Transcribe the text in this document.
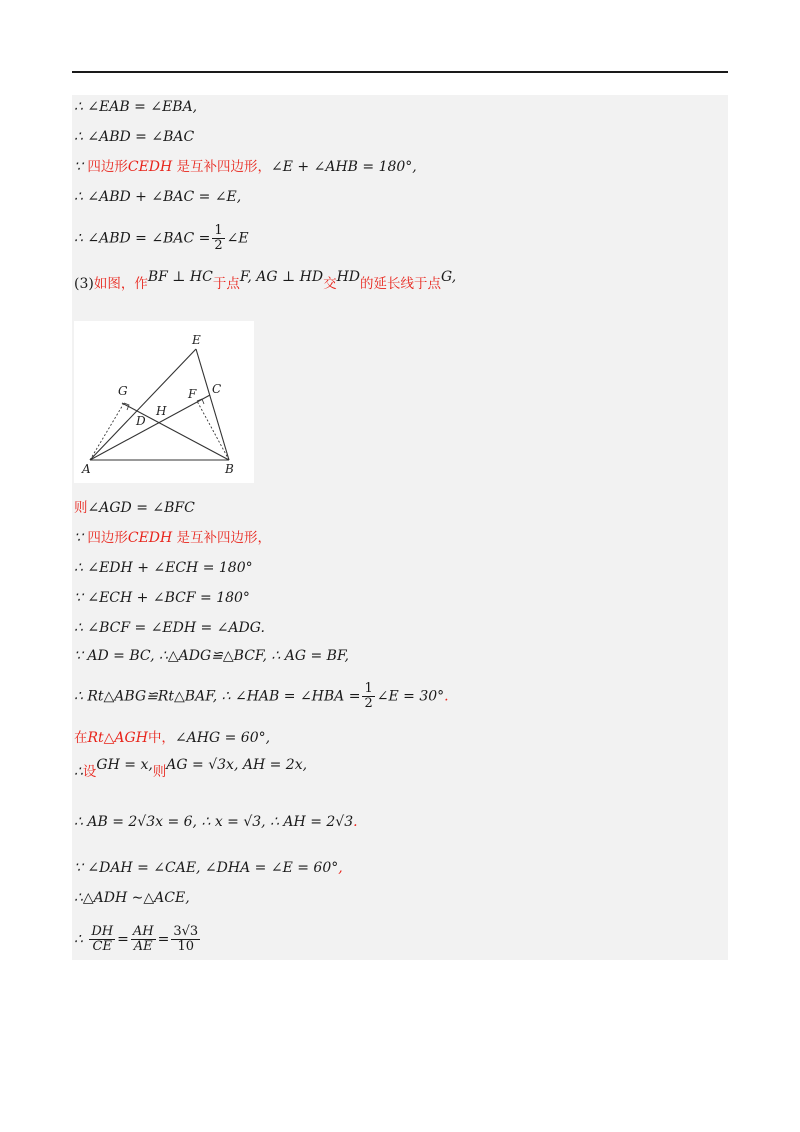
∴ ∠EAB = ∠EBA,
∴ ∠ABD = ∠BAC
∵ 四边形CEDH 是互补四边形，∠E + ∠AHB = 180°,
∴ ∠ABD + ∠BAC = ∠E,
∴ ∠ABD = ∠BAC = $\frac{1}{2}$ ∠E
(3)如图，作BF ⊥ HC于点F, AG ⊥ HD交HD的延长线于点G,
E
G
H
D
F C
A	B
则∠AGD = ∠BFC
∵ 四边形CEDH 是互补四边形，
∴ ∠EDH + ∠ECH = 180°
∵ ∠ECH + ∠BCF = 180°
∴ ∠BCF = ∠EDH = ∠ADG.
∵ AD = BC, ∴△ADG≌△BCF, ∴ AG = BF,
∴ Rt△ABG≌Rt△BAF, ∴ ∠HAB = ∠HBA = $\frac{1}{2}$ ∠E = 30°.
在Rt△AGH中，∠AHG = 60°,
∴设GH = x,则AG = √3x, AH = 2x,
∴ AB = 2√3x = 6, ∴ x = √3, ∴ AH = 2√3.
∵ ∠DAH = ∠CAE, ∠DHA = ∠E = 60°,
∴△ADH ∼△ACE,
∴ $\frac{DH}{CE} = \frac{AH}{AE} = \frac{3√3}{10}$
